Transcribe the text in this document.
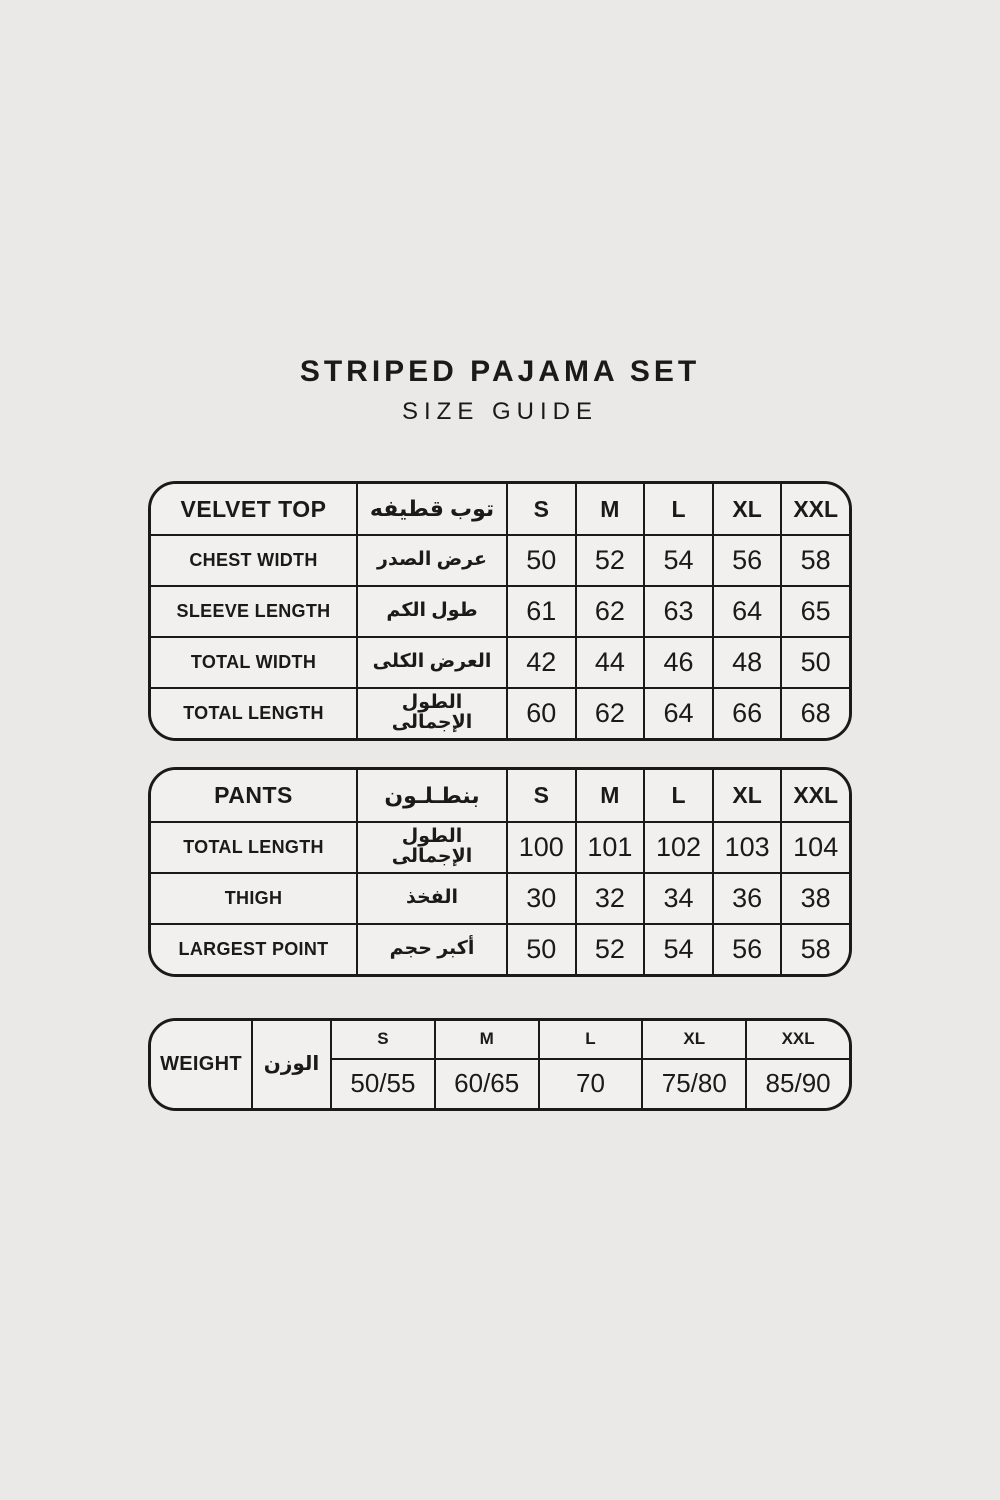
STRIPED PAJAMA SET
SIZE GUIDE
VELVET TOP	توب قطيفه	S	M	L	XL	XXL
CHEST WIDTH	عرض الصدر	50	52	54	56	58
SLEEVE LENGTH	طول الكم	61	62	63	64	65
TOTAL WIDTH	العرض الكلى	42	44	46	48	50
TOTAL LENGTH	الطول الإجمالى	60	62	64	66	68
PANTS	بنطـلـون	S	M	L	XL	XXL
TOTAL LENGTH	الطول الإجمالى	100 101 102 103 104
THIGH	الفخذ	30	32	34	36	38
LARGEST POINT	أكبر حجم	50	52	54	56	58
WEIGHT	الوزن
S	M	L	XL	XXL
50/55	60/65	70	75/80	85/90
